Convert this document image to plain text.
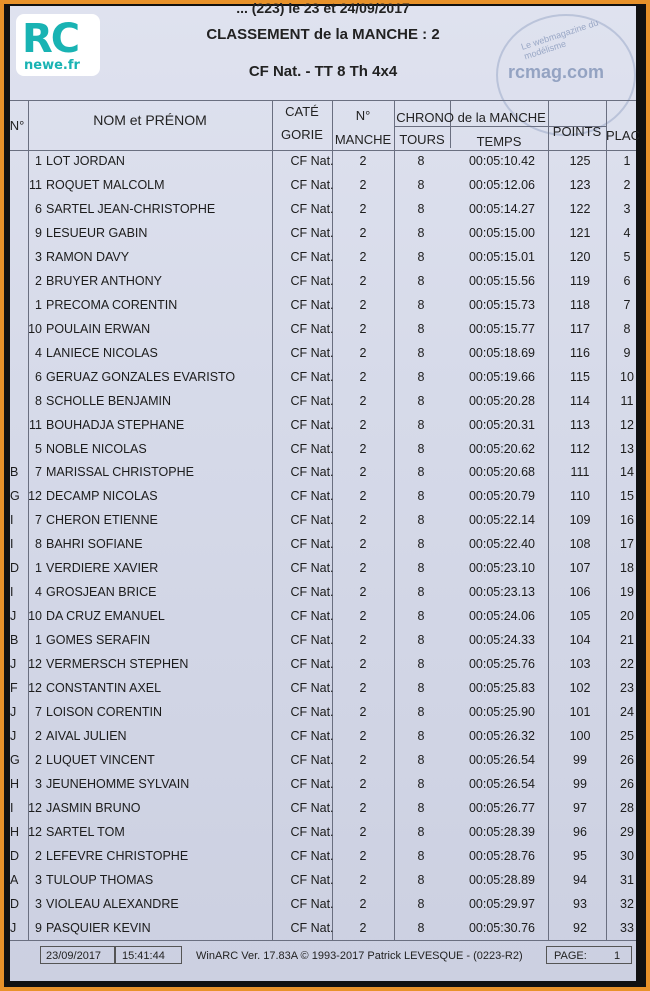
RC
newe.fr
Le webmagazine du modélisme
rcmag.com
... (223) le 23 et 24/09/2017
CLASSEMENT de la MANCHE : 2
CF Nat. - TT 8 Th 4x4
N°	NOM et PRÉNOM
CATÉ
GORIE
N°
MANCHE
CHRONO de la MANCHE
TOURS	TEMPS
POINTS PLAC
1 LOT JORDAN	CF Nat.	2	8	00:05:10.42	125	1
11 ROQUET MALCOLM	CF Nat.	2	8	00:05:12.06	123	2
6 SARTEL JEAN-CHRISTOPHE	CF Nat.	2	8	00:05:14.27	122	3
9 LESUEUR GABIN	CF Nat.	2	8	00:05:15.00	121	4
3 RAMON DAVY	CF Nat.	2	8	00:05:15.01	120	5
2 BRUYER ANTHONY	CF Nat.	2	8	00:05:15.56	119	6
1 PRECOMA CORENTIN	CF Nat.	2	8	00:05:15.73	118	7
10 POULAIN ERWAN	CF Nat.	2	8	00:05:15.77	117	8
4 LANIECE NICOLAS	CF Nat.	2	8	00:05:18.69	116	9
6 GERUAZ GONZALES EVARISTO	CF Nat.	2	8	00:05:19.66	115	10
8 SCHOLLE BENJAMIN	CF Nat.	2	8	00:05:20.28	114	11
11 BOUHADJA STEPHANE	CF Nat.	2	8	00:05:20.31	113	12
5 NOBLE NICOLAS	CF Nat.	2	8	00:05:20.62	112	13
B	7 MARISSAL CHRISTOPHE	CF Nat.	2	8	00:05:20.68	111	14
G 12 DECAMP NICOLAS	CF Nat.	2	8	00:05:20.79	110	15
I	7 CHERON ETIENNE	CF Nat.	2	8	00:05:22.14	109	16
I	8 BAHRI SOFIANE	CF Nat.	2	8	00:05:22.40	108	17
D	1 VERDIERE XAVIER	CF Nat.	2	8	00:05:23.10	107	18
I	4 GROSJEAN BRICE	CF Nat.	2	8	00:05:23.13	106	19
J 10 DA CRUZ EMANUEL	CF Nat.	2	8	00:05:24.06	105	20
B	1 GOMES SERAFIN	CF Nat.	2	8	00:05:24.33	104	21
J 12 VERMERSCH STEPHEN	CF Nat.	2	8	00:05:25.76	103	22
F 12 CONSTANTIN AXEL	CF Nat.	2	8	00:05:25.83	102	23
J	7 LOISON CORENTIN	CF Nat.	2	8	00:05:25.90	101	24
J	2 AIVAL JULIEN	CF Nat.	2	8	00:05:26.32	100	25
G	2 LUQUET VINCENT	CF Nat.	2	8	00:05:26.54	99	26
H	3 JEUNEHOMME SYLVAIN	CF Nat.	2	8	00:05:26.54	99	26
I	12 JASMIN BRUNO	CF Nat.	2	8	00:05:26.77	97	28
H 12 SARTEL TOM	CF Nat.	2	8	00:05:28.39	96	29
D	2 LEFEVRE CHRISTOPHE	CF Nat.	2	8	00:05:28.76	95	30
A	3 TULOUP THOMAS	CF Nat.	2	8	00:05:28.89	94	31
D	3 VIOLEAU ALEXANDRE	CF Nat.	2	8	00:05:29.97	93	32
J	9 PASQUIER KEVIN	CF Nat.	2	8	00:05:30.76	92	33
23/09/2017 15:41:44	WinARC Ver. 17.83A © 1993-2017 Patrick LEVESQUE - (0223-R2)	PAGE: 1
